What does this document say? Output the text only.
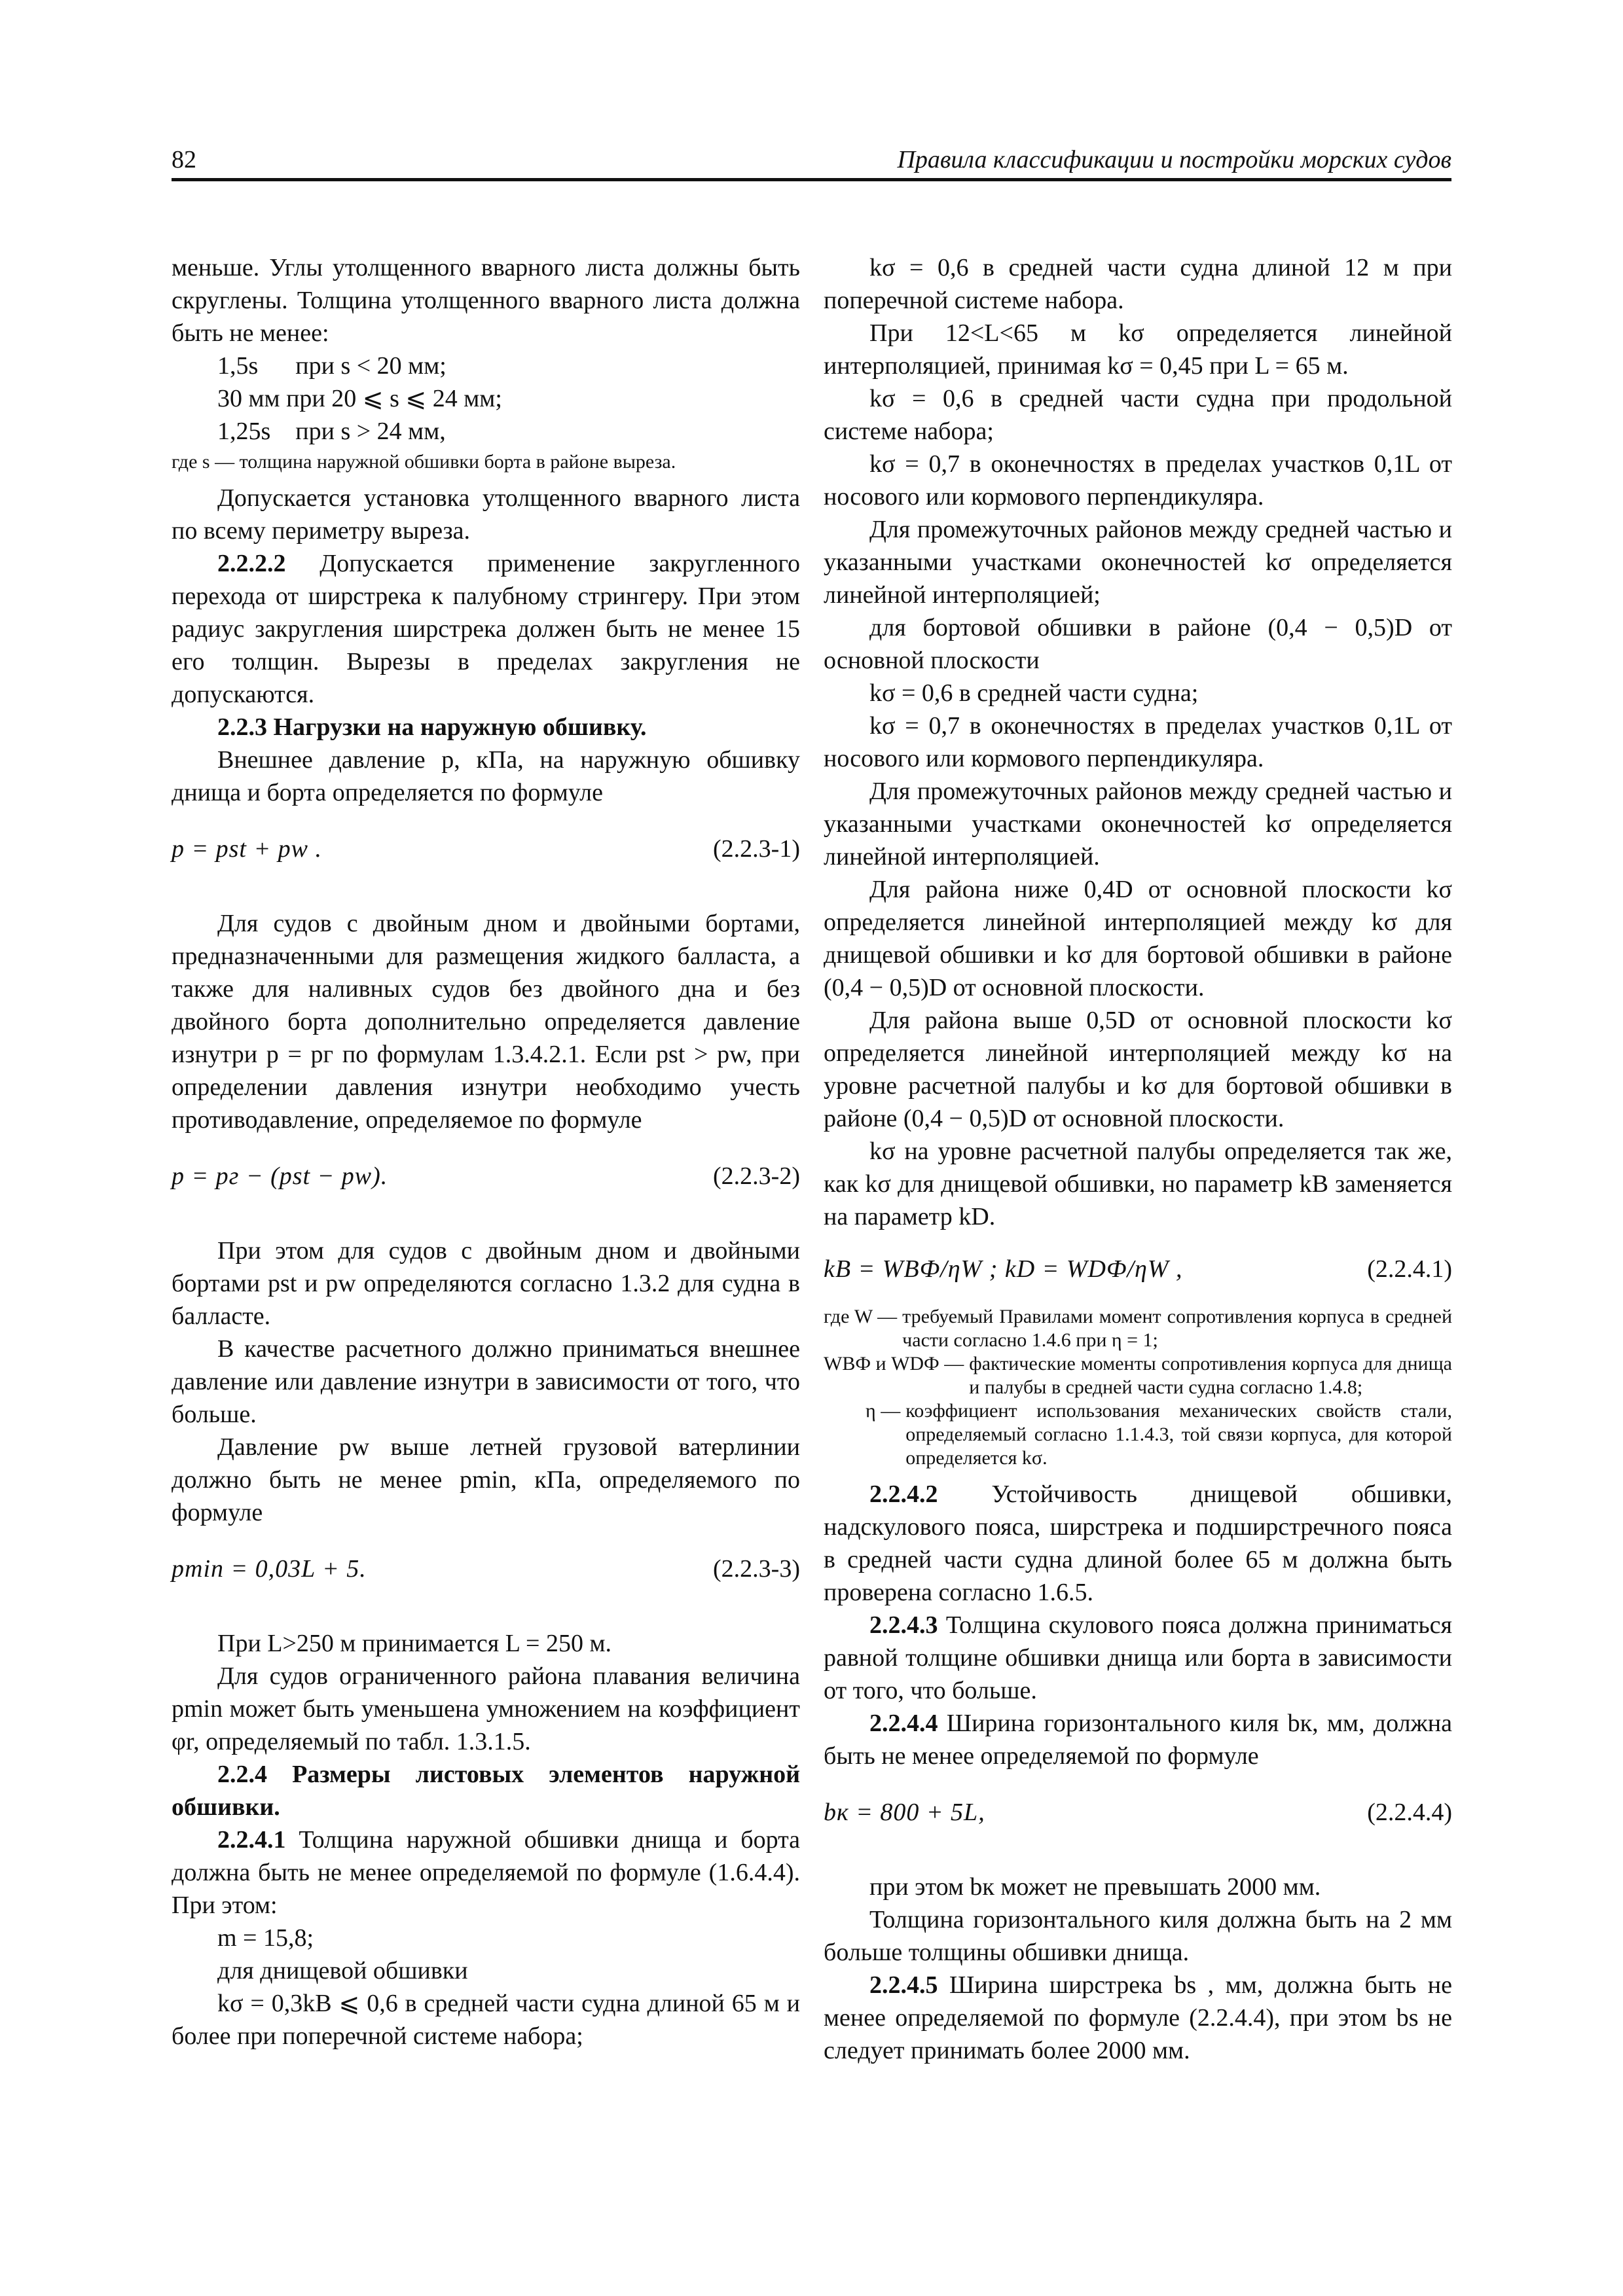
82	Правила классификации и постройки морских судов

меньше. Углы утолщенного вварного листа должны быть скруглены. Толщина утолщенного вварного листа должна быть не менее:

1,5s      при s < 20 мм;
30 мм при 20 ⩽ s ⩽ 24 мм;
1,25s    при s > 24 мм,
где s — толщина наружной обшивки борта в районе выреза.

Допускается установка утолщенного вварного листа по всему периметру выреза.

2.2.2.2 Допускается применение закругленного перехода от ширстрека к палубному стрингеру. При этом радиус закругления ширстрека должен быть не менее 15 его толщин. Вырезы в пределах закругления не допускаются.

2.2.3 Нагрузки на наружную обшивку.

Внешнее давление p, кПа, на наружную обшивку днища и борта определяется по формуле

p = pst + pw .	(2.2.3-1)

Для судов с двойным дном и двойными бортами, предназначенными для размещения жидкого балласта, а также для наливных судов без двойного дна и без двойного борта дополнительно определяется давление изнутри p = pг по формулам 1.3.4.2.1. Если pst > pw, при определении давления изнутри необходимо учесть противодавление, определяемое по формуле

p = pг − (pst − pw).	(2.2.3-2)

При этом для судов с двойным дном и двойными бортами pst и pw определяются согласно 1.3.2 для судна в балласте.

В качестве расчетного должно приниматься внешнее давление или давление изнутри в зависимости от того, что больше.

Давление pw выше летней грузовой ватерлинии должно быть не менее pmin, кПа, определяемого по формуле

pmin = 0,03L + 5.	(2.2.3-3)

При L>250 м принимается L = 250 м.

Для судов ограниченного района плавания величина pmin может быть уменьшена умножением на коэффициент φr, определяемый по табл. 1.3.1.5.

2.2.4 Размеры листовых элементов наружной обшивки.

2.2.4.1 Толщина наружной обшивки днища и борта должна быть не менее определяемой по формуле (1.6.4.4). При этом:

m = 15,8;

для днищевой обшивки

kσ = 0,3kB ⩽ 0,6 в средней части судна длиной 65 м и более при поперечной системе набора;

kσ = 0,6 в средней части судна длиной 12 м при поперечной системе набора.

При 12<L<65 м kσ определяется линейной интерполяцией, принимая kσ = 0,45 при L = 65 м.

kσ = 0,6 в средней части судна при продольной системе набора;

kσ = 0,7 в оконечностях в пределах участков 0,1L от носового или кормового перпендикуляра.

Для промежуточных районов между средней частью и указанными участками оконечностей kσ определяется линейной интерполяцией;

для бортовой обшивки в районе (0,4 − 0,5)D от основной плоскости

kσ = 0,6 в средней части судна;

kσ = 0,7 в оконечностях в пределах участков 0,1L от носового или кормового перпендикуляра.

Для промежуточных районов между средней частью и указанными участками оконечностей kσ определяется линейной интерполяцией.

Для района ниже 0,4D от основной плоскости kσ определяется линейной интерполяцией между kσ для днищевой обшивки и kσ для бортовой обшивки в районе (0,4 − 0,5)D от основной плоскости.

Для района выше 0,5D от основной плоскости kσ определяется линейной интерполяцией между kσ на уровне расчетной палубы и kσ для бортовой обшивки в районе (0,4 − 0,5)D от основной плоскости.

kσ на уровне расчетной палубы определяется так же, как kσ для днищевой обшивки, но параметр kB заменяется на параметр kD.

kB = WBФ/ηW ; kD = WDФ/ηW ,	(2.2.4.1)
где W — требуемый Правилами момент сопротивления корпуса в средней части согласно 1.4.6 при η = 1;
WBФ и WDФ — фактические моменты сопротивления корпуса для днища и палубы в средней части судна согласно 1.4.8;
η — коэффициент использования механических свойств стали, определяемый согласно 1.1.4.3, той связи корпуса, для которой определяется kσ.

2.2.4.2 Устойчивость днищевой обшивки, надскулового пояса, ширстрека и подширстречного пояса в средней части судна длиной более 65 м должна быть проверена согласно 1.6.5.

2.2.4.3 Толщина скулового пояса должна приниматься равной толщине обшивки днища или борта в зависимости от того, что больше.

2.2.4.4 Ширина горизонтального киля bк, мм, должна быть не менее определяемой по формуле

bк = 800 + 5L,	(2.2.4.4)

при этом bк может не превышать 2000 мм.

Толщина горизонтального киля должна быть на 2 мм больше толщины обшивки днища.

2.2.4.5 Ширина ширстрека bs , мм, должна быть не менее определяемой по формуле (2.2.4.4), при этом bs не следует принимать более 2000 мм.
